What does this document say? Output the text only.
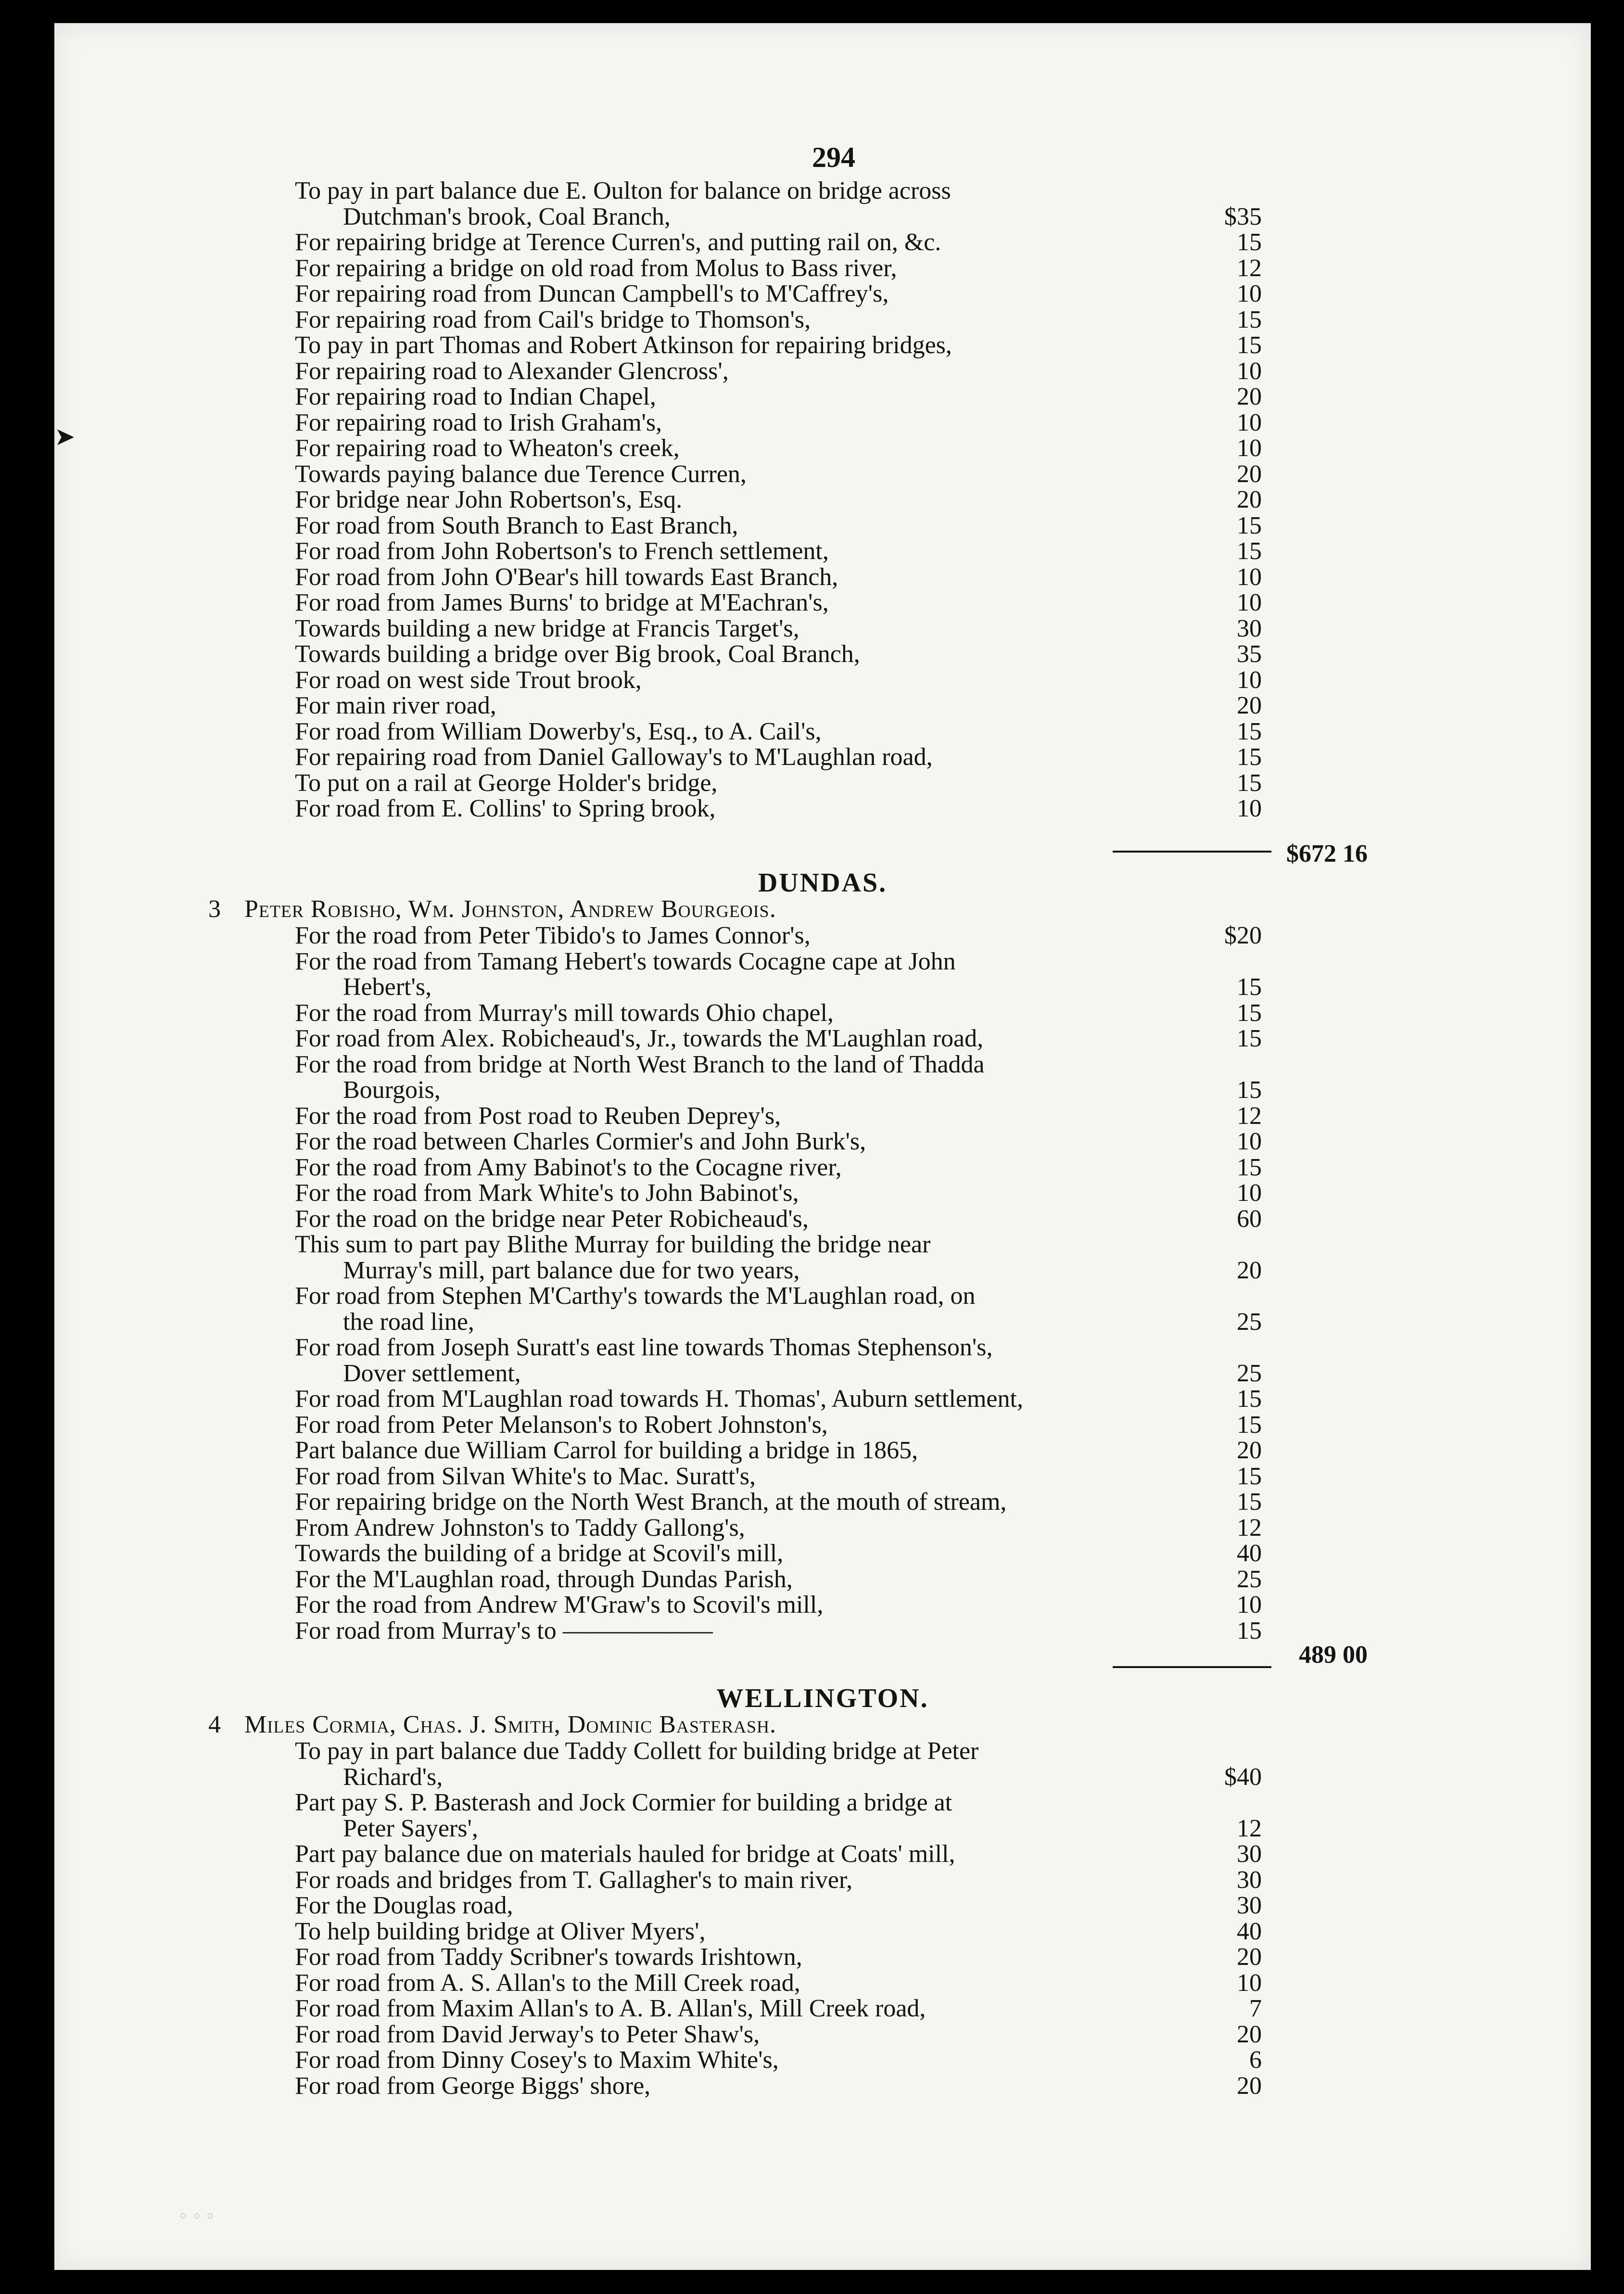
294
➤
◦ ◦ ◦
To pay in part balance due E. Oulton for balance on bridge across
Dutchman's brook, Coal Branch,	$35
For repairing bridge at Terence Curren's, and putting rail on, &c.	15
For repairing a bridge on old road from Molus to Bass river,	12
For repairing road from Duncan Campbell's to M'Caffrey's,	10
For repairing road from Cail's bridge to Thomson's,	15
To pay in part Thomas and Robert Atkinson for repairing bridges,	15
For repairing road to Alexander Glencross',	10
For repairing road to Indian Chapel,	20
For repairing road to Irish Graham's,	10
For repairing road to Wheaton's creek,	10
Towards paying balance due Terence Curren,	20
For bridge near John Robertson's, Esq.	20
For road from South Branch to East Branch,	15
For road from John Robertson's to French settlement,	15
For road from John O'Bear's hill towards East Branch,	10
For road from James Burns' to bridge at M'Eachran's,	10
Towards building a new bridge at Francis Target's,	30
Towards building a bridge over Big brook, Coal Branch,	35
For road on west side Trout brook,	10
For main river road,	20
For road from William Dowerby's, Esq., to A. Cail's,	15
For repairing road from Daniel Galloway's to M'Laughlan road,	15
To put on a rail at George Holder's bridge,	15
For road from E. Collins' to Spring brook,	10
$672 16
DUNDAS.
3 Peter Robisho, Wm. Johnston, Andrew Bourgeois.
For the road from Peter Tibido's to James Connor's,	$20
For the road from Tamang Hebert's towards Cocagne cape at John
Hebert's,	15
For the road from Murray's mill towards Ohio chapel,	15
For road from Alex. Robicheaud's, Jr., towards the M'Laughlan road,	15
For the road from bridge at North West Branch to the land of Thadda
Bourgois,	15
For the road from Post road to Reuben Deprey's,	12
For the road between Charles Cormier's and John Burk's,	10
For the road from Amy Babinot's to the Cocagne river,	15
For the road from Mark White's to John Babinot's,	10
For the road on the bridge near Peter Robicheaud's,	60
This sum to part pay Blithe Murray for building the bridge near
Murray's mill, part balance due for two years,	20
For road from Stephen M'Carthy's towards the M'Laughlan road, on
the road line,	25
For road from Joseph Suratt's east line towards Thomas Stephenson's,
Dover settlement,	25
For road from M'Laughlan road towards H. Thomas', Auburn settlement,	15
For road from Peter Melanson's to Robert Johnston's,	15
Part balance due William Carrol for building a bridge in 1865,	20
For road from Silvan White's to Mac. Suratt's,	15
For repairing bridge on the North West Branch, at the mouth of stream,	15
From Andrew Johnston's to Taddy Gallong's,	12
Towards the building of a bridge at Scovil's mill,	40
For the M'Laughlan road, through Dundas Parish,	25
For the road from Andrew M'Graw's to Scovil's mill,	10
For road from Murray's to ——————	15
489 00
WELLINGTON.
4 Miles Cormia, Chas. J. Smith, Dominic Basterash.
To pay in part balance due Taddy Collett for building bridge at Peter
Richard's,	$40
Part pay S. P. Basterash and Jock Cormier for building a bridge at
Peter Sayers',	12
Part pay balance due on materials hauled for bridge at Coats' mill,	30
For roads and bridges from T. Gallagher's to main river,	30
For the Douglas road,	30
To help building bridge at Oliver Myers',	40
For road from Taddy Scribner's towards Irishtown,	20
For road from A. S. Allan's to the Mill Creek road,	10
For road from Maxim Allan's to A. B. Allan's, Mill Creek road,	7
For road from David Jerway's to Peter Shaw's,	20
For road from Dinny Cosey's to Maxim White's,	6
For road from George Biggs' shore,	20
